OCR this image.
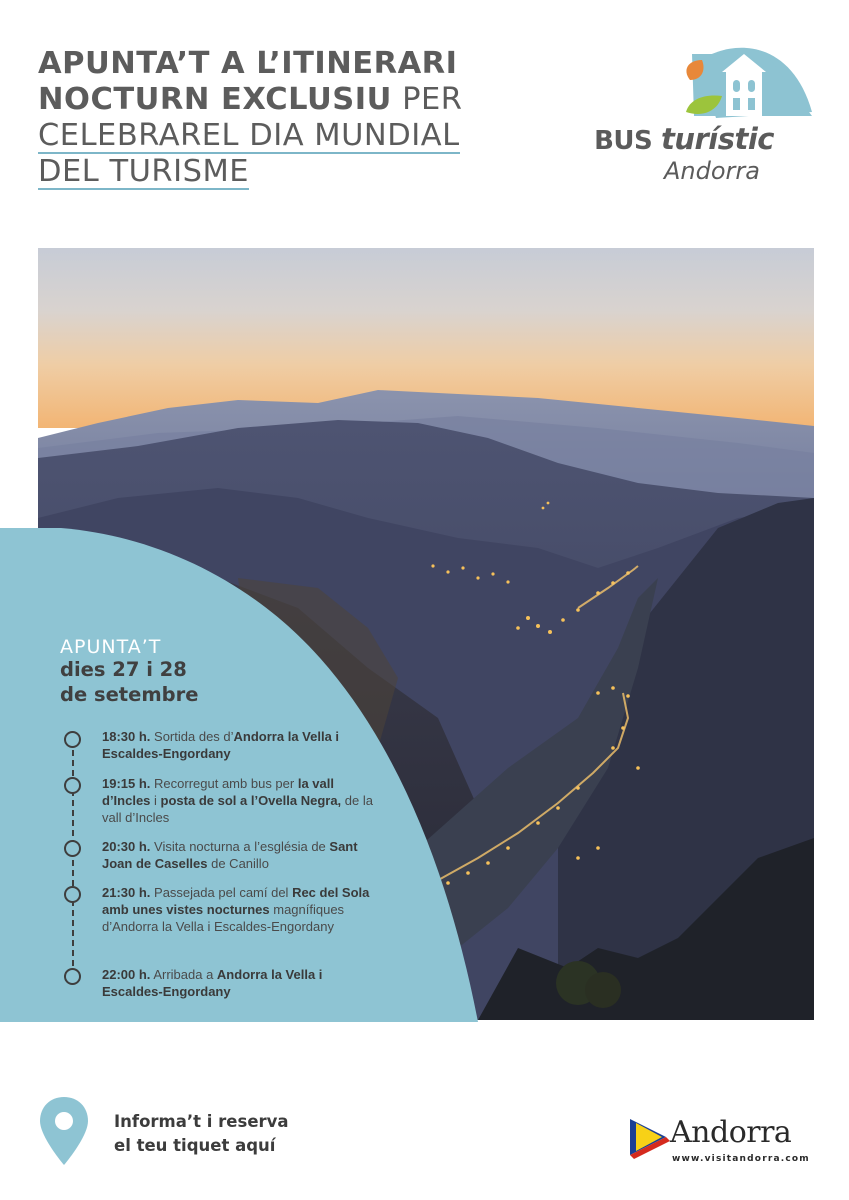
APUNTA’T A L’ITINERARI
NOCTURN EXCLUSIU PER
CELEBRAREL DIA MUNDIAL
DEL TURISME
BUS turístic
Andorra
APUNTA’T
dies 27 i 28
de setembre
18:30 h. Sortida des d’Andorra la Vella i Escaldes-Engordany
19:15 h. Recorregut amb bus per la vall d’Incles i posta de sol a l’Ovella Negra, de la vall d’Incles
20:30 h. Visita nocturna a l’església de Sant Joan de Caselles de Canillo
21:30 h. Passejada pel camí del Rec del Sola amb unes vistes nocturnes magnífiques d’Andorra la Vella i Escaldes-Engordany
22:00 h. Arribada a Andorra la Vella i Escaldes-Engordany
Informa’t i reserva
el teu tiquet aquí	Andorra
www.visitandorra.com
